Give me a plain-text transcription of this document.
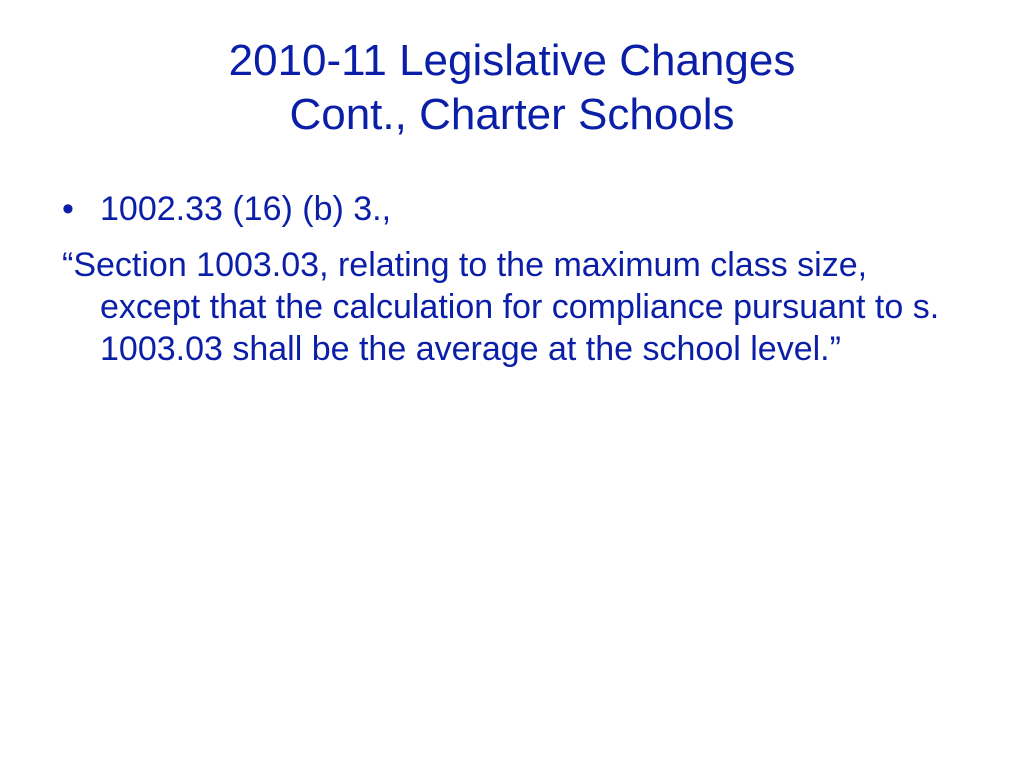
2010-11 Legislative Changes
Cont., Charter Schools

• 1002.33 (16) (b) 3.,

“Section 1003.03, relating to the maximum class size, except that the calculation for compliance pursuant to s. 1003.03 shall be the average at the school level.”
